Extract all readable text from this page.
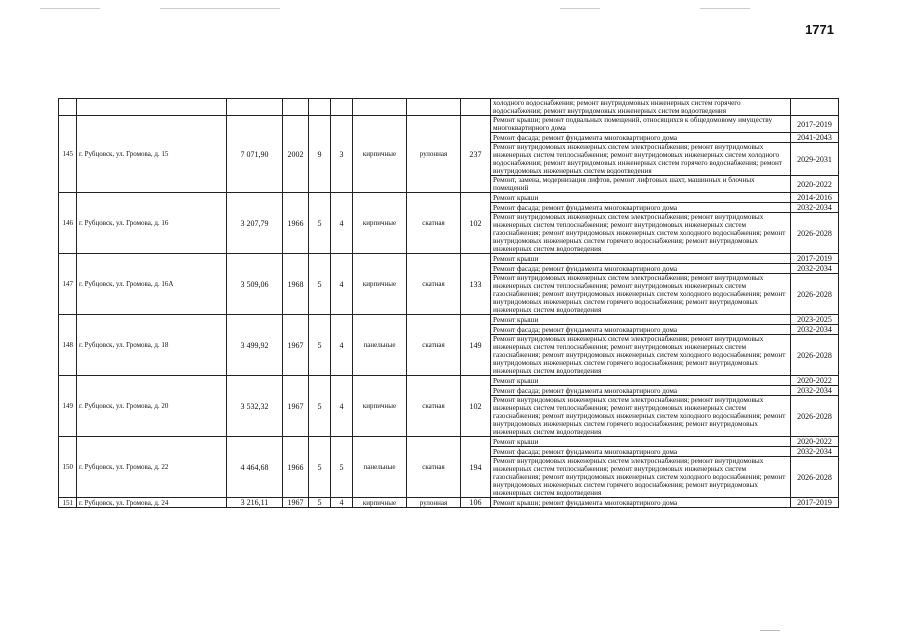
1771
									холодного водоснабжения; ремонт внутридомовых инженерных систем горячего водоснабжения; ремонт внутридомовых инженерных систем водоотведения	
145	г. Рубцовск, ул. Громова, д. 15	7 071,90	2002	9	3	кирпичные	рулонная	237	Ремонт крыши; ремонт подвальных помещений, относящихся к общедомовому имуществу многоквартирного дома	2017-2019
									Ремонт фасада; ремонт фундамента многоквартирного дома	2041-2043
									Ремонт внутридомовых инженерных систем электроснабжения; ремонт внутридомовых инженерных систем теплоснабжения; ремонт внутридомовых инженерных систем холодного водоснабжения; ремонт внутридомовых инженерных систем горячего водоснабжения; ремонт внутридомовых инженерных систем водоотведения	2029-2031
									Ремонт, замена, модернизация лифтов, ремонт лифтовых шахт, машинных и блочных помещений	2020-2022
146	г. Рубцовск, ул. Громова, д. 16	3 207,79	1966	5	4	кирпичные	скатная	102	Ремонт крыши	2014-2016
									Ремонт фасада; ремонт фундамента многоквартирного дома	2032-2034
									Ремонт внутридомовых инженерных систем электроснабжения; ремонт внутридомовых инженерных систем теплоснабжения; ремонт внутридомовых инженерных систем газоснабжения; ремонт внутридомовых инженерных систем холодного водоснабжения; ремонт внутридомовых инженерных систем горячего водоснабжения; ремонт внутридомовых инженерных систем водоотведения	2026-2028
147	г. Рубцовск, ул. Громова, д. 16А	3 509,06	1968	5	4	кирпичные	скатная	133	Ремонт крыши	2017-2019
									Ремонт фасада; ремонт фундамента многоквартирного дома	2032-2034
									Ремонт внутридомовых инженерных систем электроснабжения; ремонт внутридомовых инженерных систем теплоснабжения; ремонт внутридомовых инженерных систем газоснабжения; ремонт внутридомовых инженерных систем холодного водоснабжения; ремонт внутридомовых инженерных систем горячего водоснабжения; ремонт внутридомовых инженерных систем водоотведения	2026-2028
148	г. Рубцовск, ул. Громова, д. 18	3 499,92	1967	5	4	панельные	скатная	149	Ремонт крыши	2023-2025
									Ремонт фасада; ремонт фундамента многоквартирного дома	2032-2034
									Ремонт внутридомовых инженерных систем электроснабжения; ремонт внутридомовых инженерных систем теплоснабжения; ремонт внутридомовых инженерных систем газоснабжения; ремонт внутридомовых инженерных систем холодного водоснабжения; ремонт внутридомовых инженерных систем горячего водоснабжения; ремонт внутридомовых инженерных систем водоотведения	2026-2028
149	г. Рубцовск, ул. Громова, д. 20	3 532,32	1967	5	4	кирпичные	скатная	102	Ремонт крыши	2020-2022
									Ремонт фасада; ремонт фундамента многоквартирного дома	2032-2034
									Ремонт внутридомовых инженерных систем электроснабжения; ремонт внутридомовых инженерных систем теплоснабжения; ремонт внутридомовых инженерных систем газоснабжения; ремонт внутридомовых инженерных систем холодного водоснабжения; ремонт внутридомовых инженерных систем горячего водоснабжения; ремонт внутридомовых инженерных систем водоотведения	2026-2028
150	г. Рубцовск, ул. Громова, д. 22	4 464,68	1966	5	5	панельные	скатная	194	Ремонт крыши	2020-2022
									Ремонт фасада; ремонт фундамента многоквартирного дома	2032-2034
									Ремонт внутридомовых инженерных систем электроснабжения; ремонт внутридомовых инженерных систем теплоснабжения; ремонт внутридомовых инженерных систем газоснабжения; ремонт внутридомовых инженерных систем холодного водоснабжения; ремонт внутридомовых инженерных систем горячего водоснабжения; ремонт внутридомовых инженерных систем водоотведения	2026-2028
151	г. Рубцовск, ул. Громова, д. 24	3 216,11	1967	5	4	кирпичные	рулонная	106	Ремонт крыши; ремонт фундамента многоквартирного дома	2017-2019
